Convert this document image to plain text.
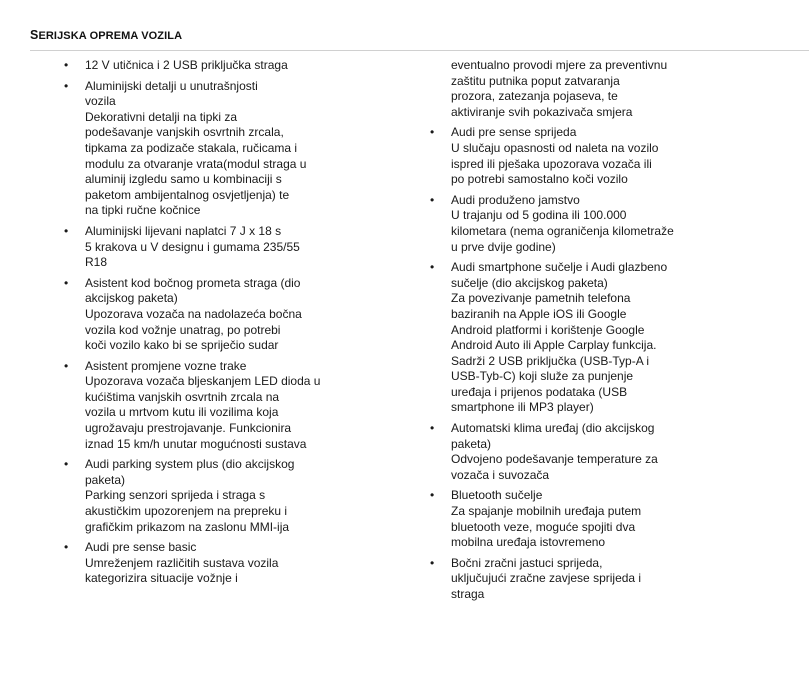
SERIJSKA OPREMA VOZILA
• 12 V utičnica i 2 USB priključka straga
• Aluminijski detalji u unutrašnjosti
vozila
Dekorativni detalji na tipki za
podešavanje vanjskih osvrtnih zrcala,
tipkama za podizače stakala, ručicama i
modulu za otvaranje vrata(modul straga u
aluminij izgledu samo u kombinaciji s
paketom ambijentalnog osvjetljenja) te
na tipki ručne kočnice
• Aluminijski lijevani naplatci 7 J x 18 s
5 krakova u V designu i gumama 235/55
R18
• Asistent kod bočnog prometa straga (dio
akcijskog paketa)
Upozorava vozača na nadolazeća bočna
vozila kod vožnje unatrag, po potrebi
koči vozilo kako bi se spriječio sudar
• Asistent promjene vozne trake
Upozorava vozača bljeskanjem LED dioda u
kućištima vanjskih osvrtnih zrcala na
vozila u mrtvom kutu ili vozilima koja
ugrožavaju prestrojavanje. Funkcionira
iznad 15 km/h unutar mogućnosti sustava
• Audi parking system plus (dio akcijskog
paketa)
Parking senzori sprijeda i straga s
akustičkim upozorenjem na prepreku i
grafičkim prikazom na zaslonu MMI-ija
• Audi pre sense basic
Umreženjem različitih sustava vozila
kategorizira situacije vožnje i
eventualno provodi mjere za preventivnu
zaštitu putnika poput zatvaranja
prozora, zatezanja pojaseva, te
aktiviranje svih pokazivača smjera
• Audi pre sense sprijeda
U slučaju opasnosti od naleta na vozilo
ispred ili pješaka upozorava vozača ili
po potrebi samostalno koči vozilo
• Audi produženo jamstvo
U trajanju od 5 godina ili 100.000
kilometara (nema ograničenja kilometraže
u prve dvije godine)
• Audi smartphone sučelje i Audi glazbeno
sučelje (dio akcijskog paketa)
Za povezivanje pametnih telefona
baziranih na Apple iOS ili Google
Android platformi i korištenje Google
Android Auto ili Apple Carplay funkcija.
Sadrži 2 USB priključka (USB-Typ-A i
USB-Tyb-C) koji služe za punjenje
uređaja i prijenos podataka (USB
smartphone ili MP3 player)
• Automatski klima uređaj (dio akcijskog
paketa)
Odvojeno podešavanje temperature za
vozača i suvozača
• Bluetooth sučelje
Za spajanje mobilnih uređaja putem
bluetooth veze, moguće spojiti dva
mobilna uređaja istovremeno
• Bočni zračni jastuci sprijeda,
uključujući zračne zavjese sprijeda i
straga
